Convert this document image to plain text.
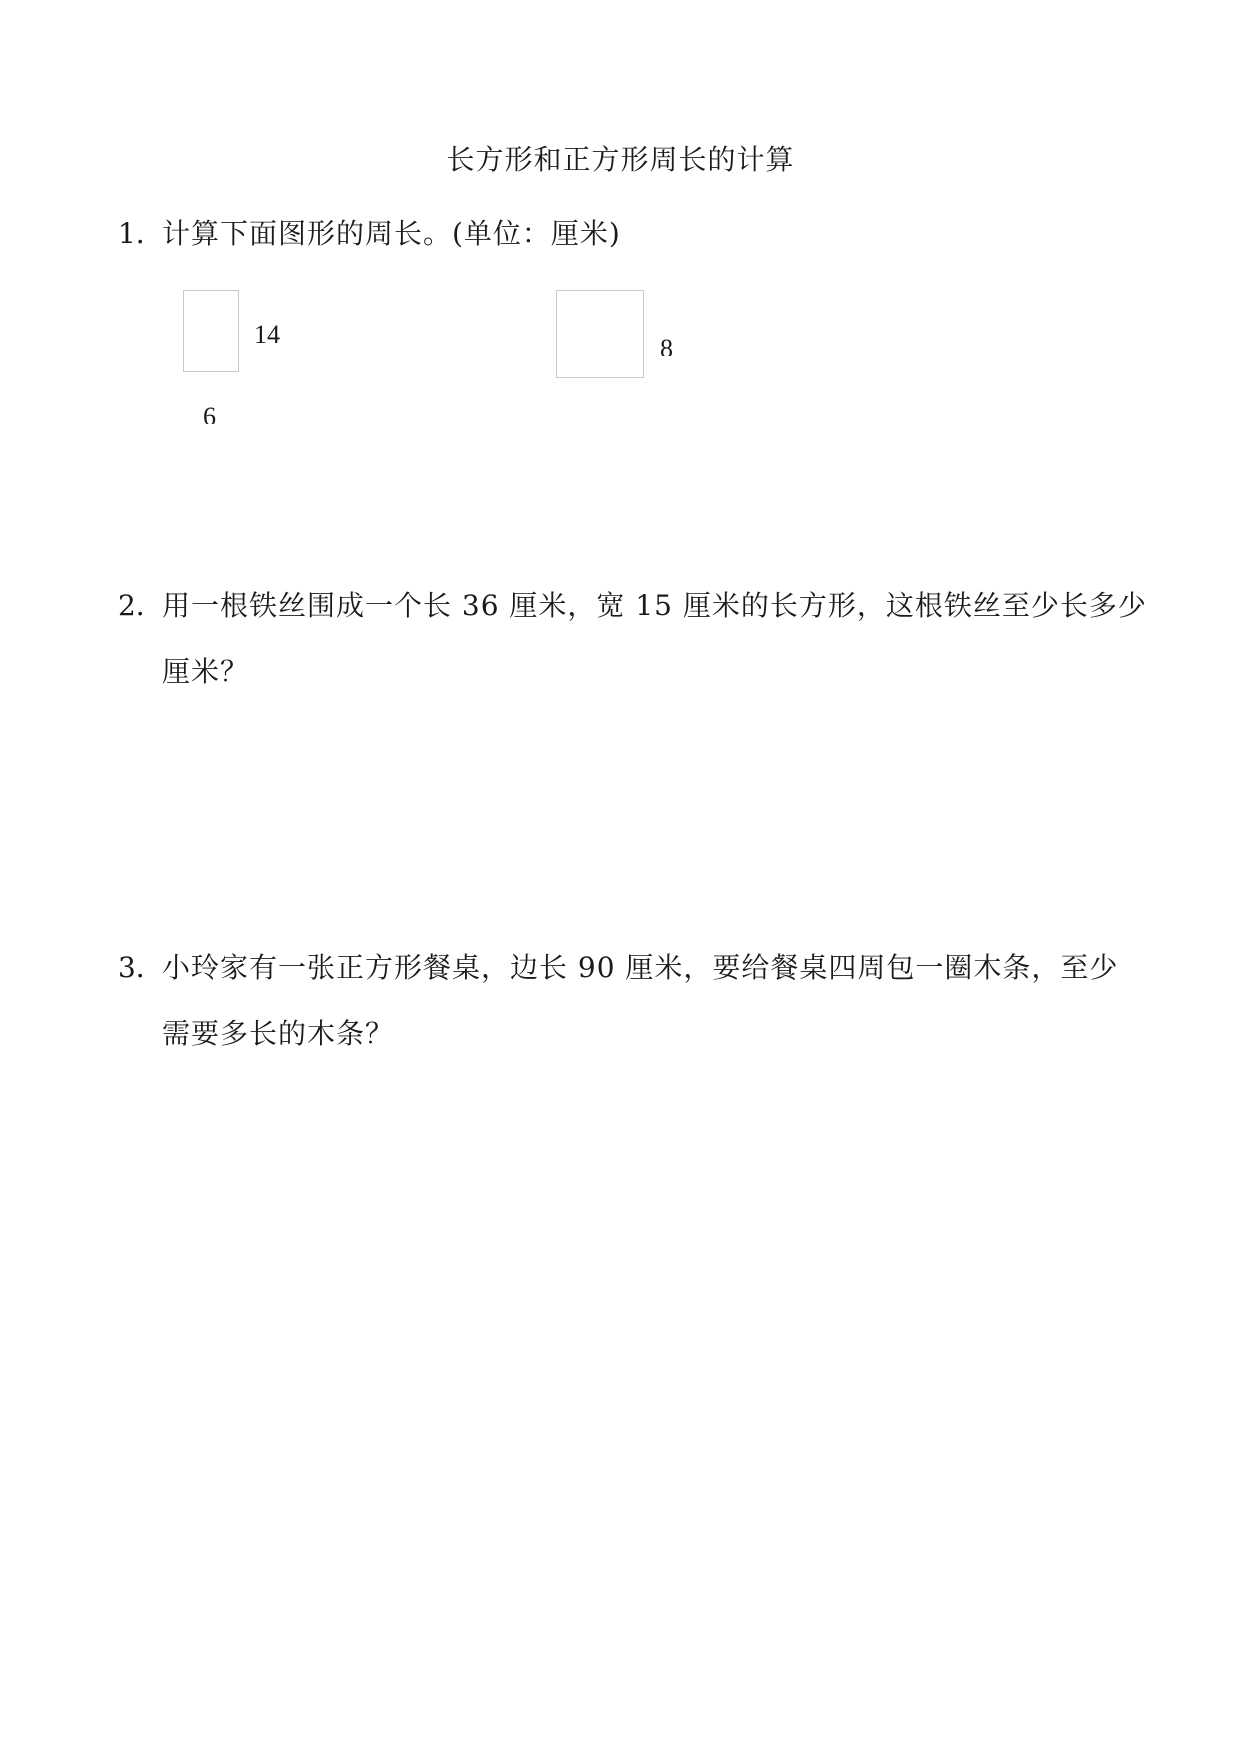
长方形和正方形周长的计算
1．
计算下面图形的周长。(单位：厘米)
14
6
8
2．
用一根铁丝围成一个长 36 厘米，宽 15 厘米的长方形，这根铁丝至少长多少
厘米？
3．
小玲家有一张正方形餐桌，边长 90 厘米，要给餐桌四周包一圈木条，至少
需要多长的木条？
